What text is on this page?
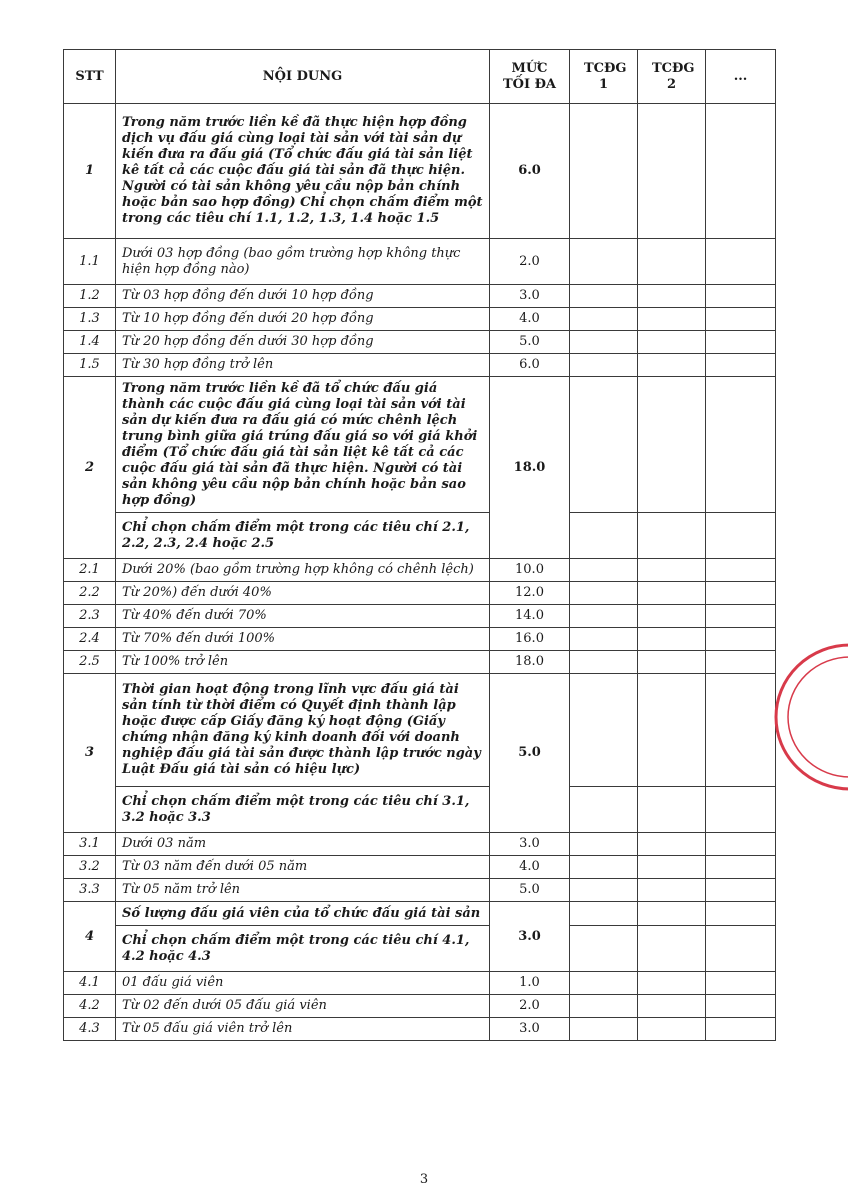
STT	NỘI DUNG	MỨC TỐI ĐA	TCĐG 1	TCĐG 2	...
1	Trong năm trước liền kề đã thực hiện hợp đồng dịch vụ đấu giá cùng loại tài sản với tài sản dự kiến đưa ra đấu giá (Tổ chức đấu giá tài sản liệt kê tất cả các cuộc đấu giá tài sản đã thực hiện. Người có tài sản không yêu cầu nộp bản chính hoặc bản sao hợp đồng) Chỉ chọn chấm điểm một trong các tiêu chí 1.1, 1.2, 1.3, 1.4 hoặc 1.5	6.0			
1.1	Dưới 03 hợp đồng (bao gồm trường hợp không thực hiện hợp đồng nào)	2.0			
1.2	Từ 03 hợp đồng đến dưới 10 hợp đồng	3.0			
1.3	Từ 10 hợp đồng đến dưới 20 hợp đồng	4.0			
1.4	Từ 20 hợp đồng đến dưới 30 hợp đồng	5.0			
1.5	Từ 30 hợp đồng trở lên	6.0			
2	Trong năm trước liền kề đã tổ chức đấu giá thành các cuộc đấu giá cùng loại tài sản với tài sản dự kiến đưa ra đấu giá có mức chênh lệch trung bình giữa giá trúng đấu giá so với giá khởi điểm (Tổ chức đấu giá tài sản liệt kê tất cả các cuộc đấu giá tài sản đã thực hiện. Người có tài sản không yêu cầu nộp bản chính hoặc bản sao hợp đồng)	18.0			
	Chỉ chọn chấm điểm một trong các tiêu chí 2.1, 2.2, 2.3, 2.4 hoặc 2.5				
2.1	Dưới 20% (bao gồm trường hợp không có chênh lệch)	10.0			
2.2	Từ 20%) đến dưới 40%	12.0			
2.3	Từ 40% đến dưới 70%	14.0			
2.4	Từ 70% đến dưới 100%	16.0			
2.5	Từ 100% trở lên	18.0			
3	Thời gian hoạt động trong lĩnh vực đấu giá tài sản tính từ thời điểm có Quyết định thành lập hoặc được cấp Giấy đăng ký hoạt động (Giấy chứng nhận đăng ký kinh doanh đối với doanh nghiệp đấu giá tài sản được thành lập trước ngày Luật Đấu giá tài sản có hiệu lực)	5.0			
	Chỉ chọn chấm điểm một trong các tiêu chí 3.1, 3.2 hoặc 3.3				
3.1	Dưới 03 năm	3.0			
3.2	Từ 03 năm đến dưới 05 năm	4.0			
3.3	Từ 05 năm trở lên	5.0			
4	Số lượng đấu giá viên của tổ chức đấu giá tài sản	3.0			
	Chỉ chọn chấm điểm một trong các tiêu chí 4.1, 4.2 hoặc 4.3				
4.1	01 đấu giá viên	1.0			
4.2	Từ 02 đến dưới 05 đấu giá viên	2.0			
4.3	Từ 05 đấu giá viên trở lên	3.0			
3
